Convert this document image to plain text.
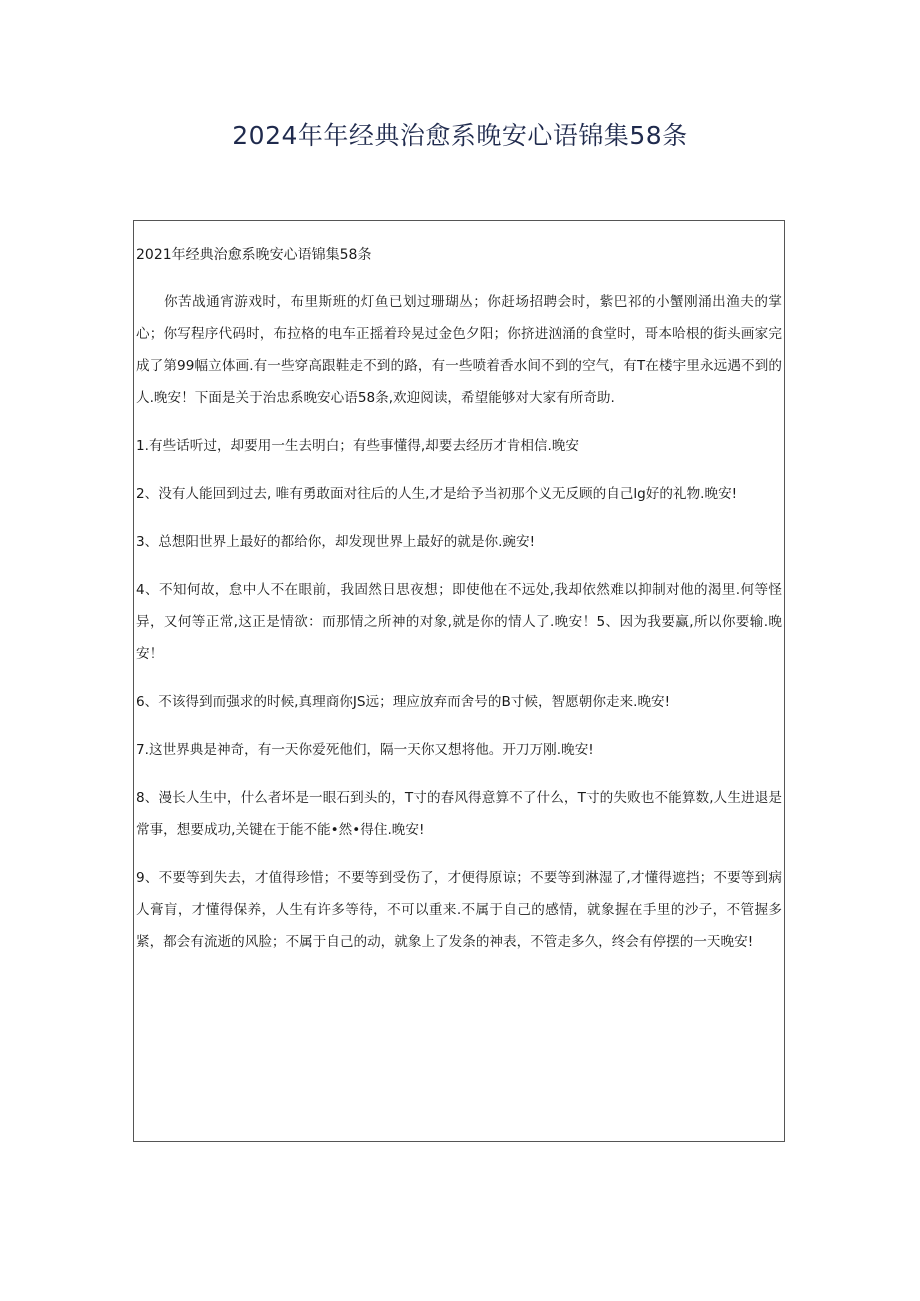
2024年年经典治愈系晚安心语锦集58条
2021年经典治愈系晚安心语锦集58条

你苦战通宵游戏时，布里斯班的灯鱼已划过珊瑚丛；你赶场招聘会时，紫巴祁的小蟹刚涌出渔夫的掌心；你写程序代码时，布拉格的电车正摇着玲晃过金色夕阳；你挤进汹涌的食堂时，哥本哈根的街头画家完成了第99幅立体画.有一些穿高跟鞋走不到的路，有一些喷着香水间不到的空气，有T在楼宇里永远遇不到的人.晚安！下面是关于治忠系晚安心语58条,欢迎阅读，希望能够对大家有所奇助.

1.有些话听过，却要用一生去明白；有些事懂得,却要去经历才肯相信.晚安

2、没有人能回到过去, 唯有勇敢面对往后的人生,才是给予当初那个义无反顾的自己lg好的礼物.晚安!

3、总想阳世界上最好的都给你，却发现世界上最好的就是你.豌安!

4、不知何故，怠中人不在眼前，我固然日思夜想；即使他在不远处,我却依然难以抑制对他的渴里.何等怪异，又何等正常,这正是情欲：而那情之所神的对象,就是你的情人了.晚安！5、因为我要赢,所以你要输.晚安！

6、不该得到而强求的时候,真理商你JS远；理应放弃而舍号的B寸候，智愿朝你走来.晚安!

7.这世界典是神奇，有一天你爱死他们，隔一天你又想将他。开刀万刚.晚安!

8、漫长人生中，什么者坏是一眼石到头的，T寸的春风得意算不了什么，T寸的失败也不能算数,人生进退是常事，想要成功,关键在于能不能•然•得住.晚安!

9、不要等到失去，才值得珍惜；不要等到受伤了，才便得原谅；不要等到淋湿了,才懂得遮挡；不要等到病人膏肓，才懂得保养，人生有许多等待，不可以重来.不属于自己的感情，就象握在手里的沙子，不管握多紧，都会有流逝的风脸；不属于自己的动，就象上了发条的神表，不管走多久，终会有停摆的一天晚安!
